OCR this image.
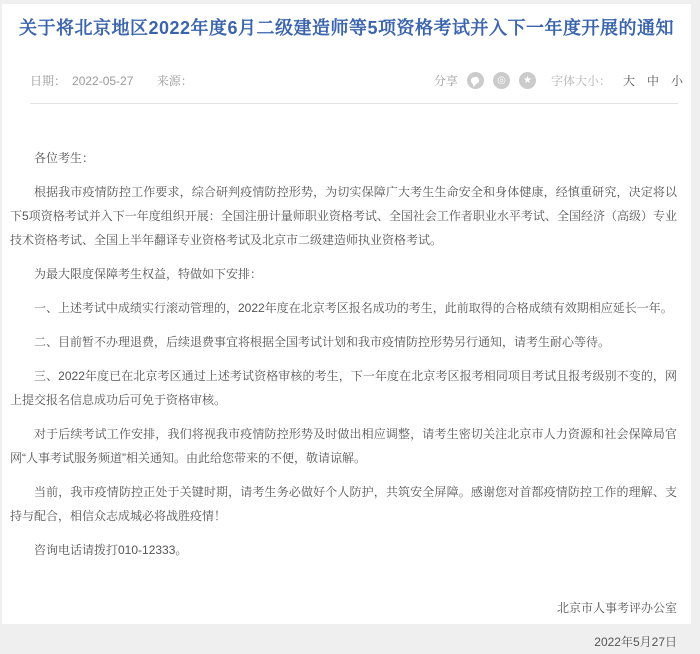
关于将北京地区2022年度6月二级建造师等5项资格考试并入下一年度开展的通知
日期： 2022-05-27 来源：	分享	◎ ★ 字体大小： 大 中 小

各位考生：

根据我市疫情防控工作要求，综合研判疫情防控形势，为切实保障广大考生生命安全和身体健康，经慎重研究，决定将以下5项资格考试并入下一年度组织开展：全国注册计量师职业资格考试、全国社会工作者职业水平考试、全国经济（高级）专业技术资格考试、全国上半年翻译专业资格考试及北京市二级建造师执业资格考试。

为最大限度保障考生权益，特做如下安排：

一、上述考试中成绩实行滚动管理的，2022年度在北京考区报名成功的考生，此前取得的合格成绩有效期相应延长一年。

二、目前暂不办理退费，后续退费事宜将根据全国考试计划和我市疫情防控形势另行通知，请考生耐心等待。

三、2022年度已在北京考区通过上述考试资格审核的考生，下一年度在北京考区报考相同项目考试且报考级别不变的，网上提交报名信息成功后可免于资格审核。

对于后续考试工作安排，我们将视我市疫情防控形势及时做出相应调整，请考生密切关注北京市人力资源和社会保障局官网“人事考试服务频道”相关通知。由此给您带来的不便，敬请谅解。

当前，我市疫情防控正处于关键时期，请考生务必做好个人防护，共筑安全屏障。感谢您对首都疫情防控工作的理解、支持与配合，相信众志成城必将战胜疫情！

咨询电话请拨打010-12333。

北京市人事考评办公室
2022年5月27日
